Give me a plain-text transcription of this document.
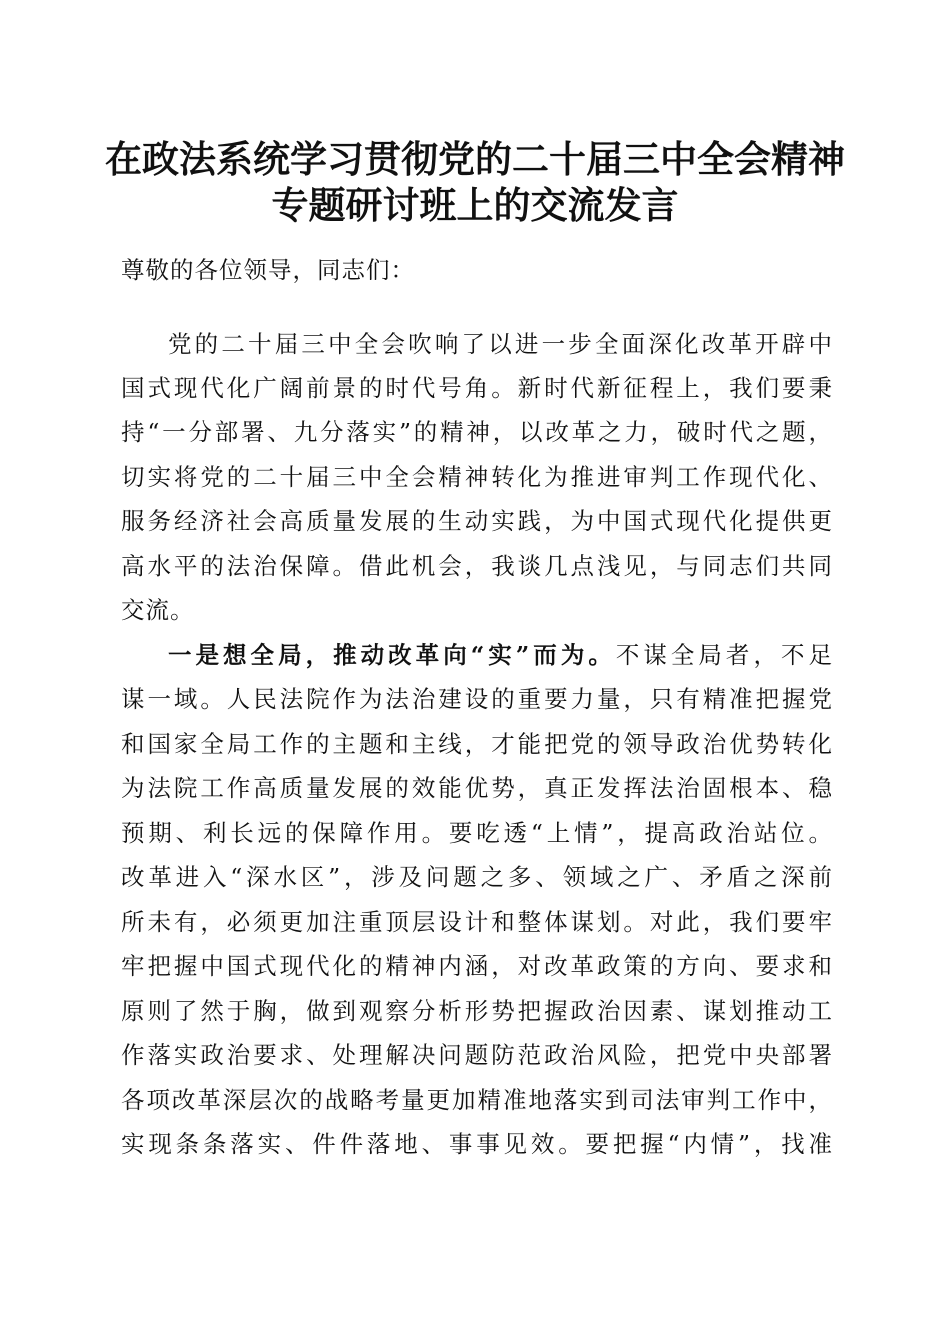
在政法系统学习贯彻党的二十届三中全会精神
专题研讨班上的交流发言
尊敬的各位领导，同志们：
党的二十届三中全会吹响了以进一步全面深化改革开辟中
国式现代化广阔前景的时代号角。新时代新征程上，我们要秉
持“一分部署、九分落实”的精神，以改革之力，破时代之题，
切实将党的二十届三中全会精神转化为推进审判工作现代化、
服务经济社会高质量发展的生动实践，为中国式现代化提供更
高水平的法治保障。借此机会，我谈几点浅见，与同志们共同
交流。
一是想全局，推动改革向“实”而为。不谋全局者，不足
谋一域。人民法院作为法治建设的重要力量，只有精准把握党
和国家全局工作的主题和主线，才能把党的领导政治优势转化
为法院工作高质量发展的效能优势，真正发挥法治固根本、稳
预期、利长远的保障作用。要吃透“上情”，提高政治站位。
改革进入“深水区”，涉及问题之多、领域之广、矛盾之深前
所未有，必须更加注重顶层设计和整体谋划。对此，我们要牢
牢把握中国式现代化的精神内涵，对改革政策的方向、要求和
原则了然于胸，做到观察分析形势把握政治因素、谋划推动工
作落实政治要求、处理解决问题防范政治风险，把党中央部署
各项改革深层次的战略考量更加精准地落实到司法审判工作中，
实现条条落实、件件落地、事事见效。要把握“内情”，找准
